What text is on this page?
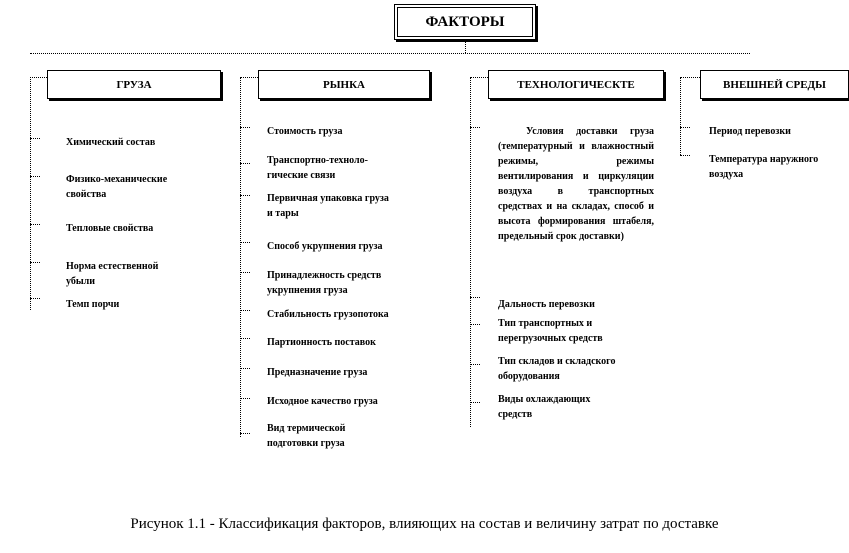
ФАКТОРЫ
ГРУЗА	РЫНКА	ТЕХНОЛОГИЧЕСКТЕ	ВНЕШНЕЙ СРЕДЫ
Химический состав
Физико-механические
свойства
Тепловые свойства
Норма естественной
убыли
Темп порчи
Стоимость груза
Транспортно-техноло-
гические связи
Первичная упаковка груза
и тары
Способ укрупнения груза
Принадлежность средств
укрупнения груза
Стабильность грузопотока
Партионность поставок
Предназначение груза
Исходное качество груза
Вид термической
подготовки груза
Условия доставки груза (температурный и влажностный режимы, режимы вентилирования и циркуляции воздуха в транспортных средствах и на складах, способ и высота формирования штабеля, предельный срок доставки)
Дальность перевозки
Тип транспортных и
перегрузочных средств
Тип складов и складского
оборудования
Виды охлаждающих
средств
Период перевозки
Температура наружного
воздуха
Рисунок 1.1 - Классификация факторов, влияющих на состав и величину затрат по доставке
